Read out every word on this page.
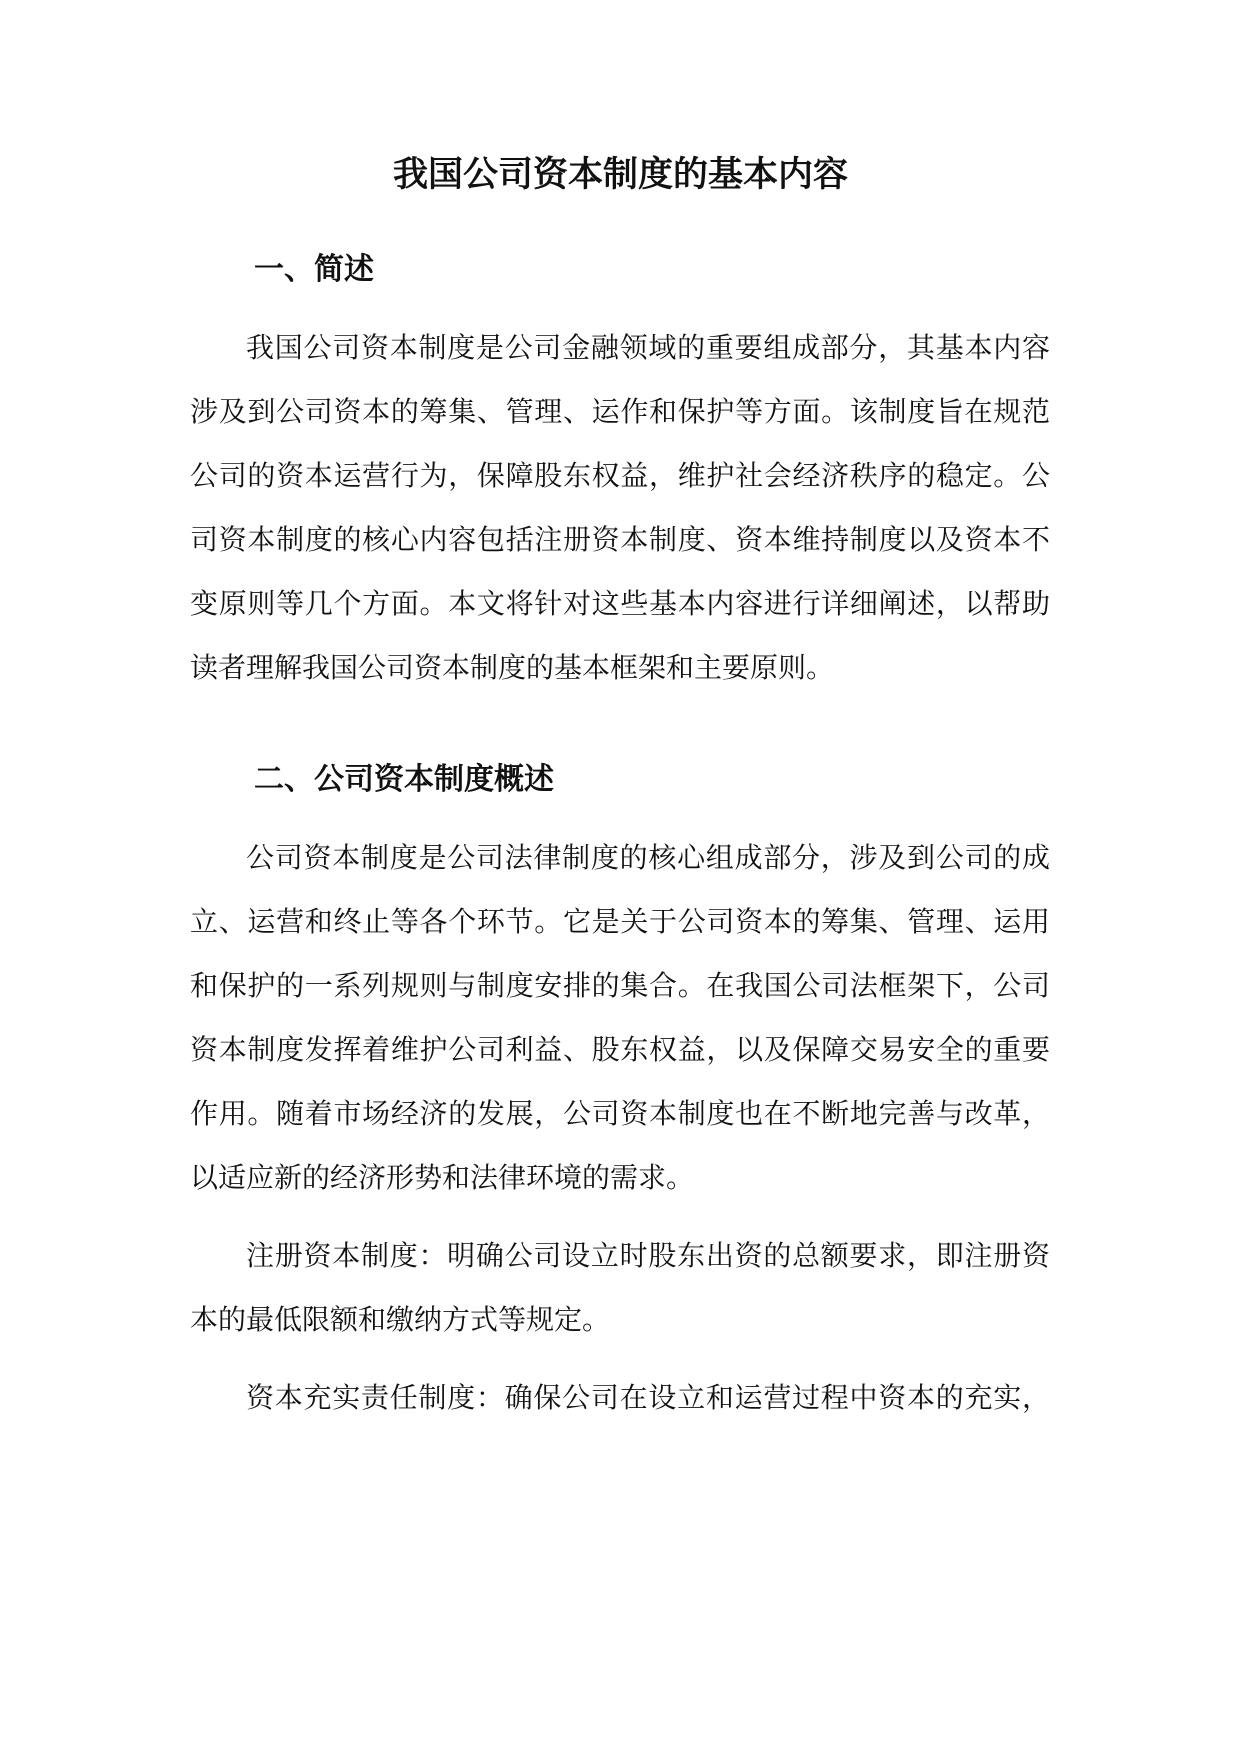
我国公司资本制度的基本内容
一、简述

我国公司资本制度是公司金融领域的重要组成部分，其基本内容

涉及到公司资本的筹集、管理、运作和保护等方面。该制度旨在规范

公司的资本运营行为，保障股东权益，维护社会经济秩序的稳定。公

司资本制度的核心内容包括注册资本制度、资本维持制度以及资本不

变原则等几个方面。本文将针对这些基本内容进行详细阐述，以帮助

读者理解我国公司资本制度的基本框架和主要原则。

二、公司资本制度概述

公司资本制度是公司法律制度的核心组成部分，涉及到公司的成

立、运营和终止等各个环节。它是关于公司资本的筹集、管理、运用

和保护的一系列规则与制度安排的集合。在我国公司法框架下，公司

资本制度发挥着维护公司利益、股东权益，以及保障交易安全的重要

作用。随着市场经济的发展，公司资本制度也在不断地完善与改革，

以适应新的经济形势和法律环境的需求。

注册资本制度：明确公司设立时股东出资的总额要求，即注册资

本的最低限额和缴纳方式等规定。

资本充实责任制度：确保公司在设立和运营过程中资本的充实，
